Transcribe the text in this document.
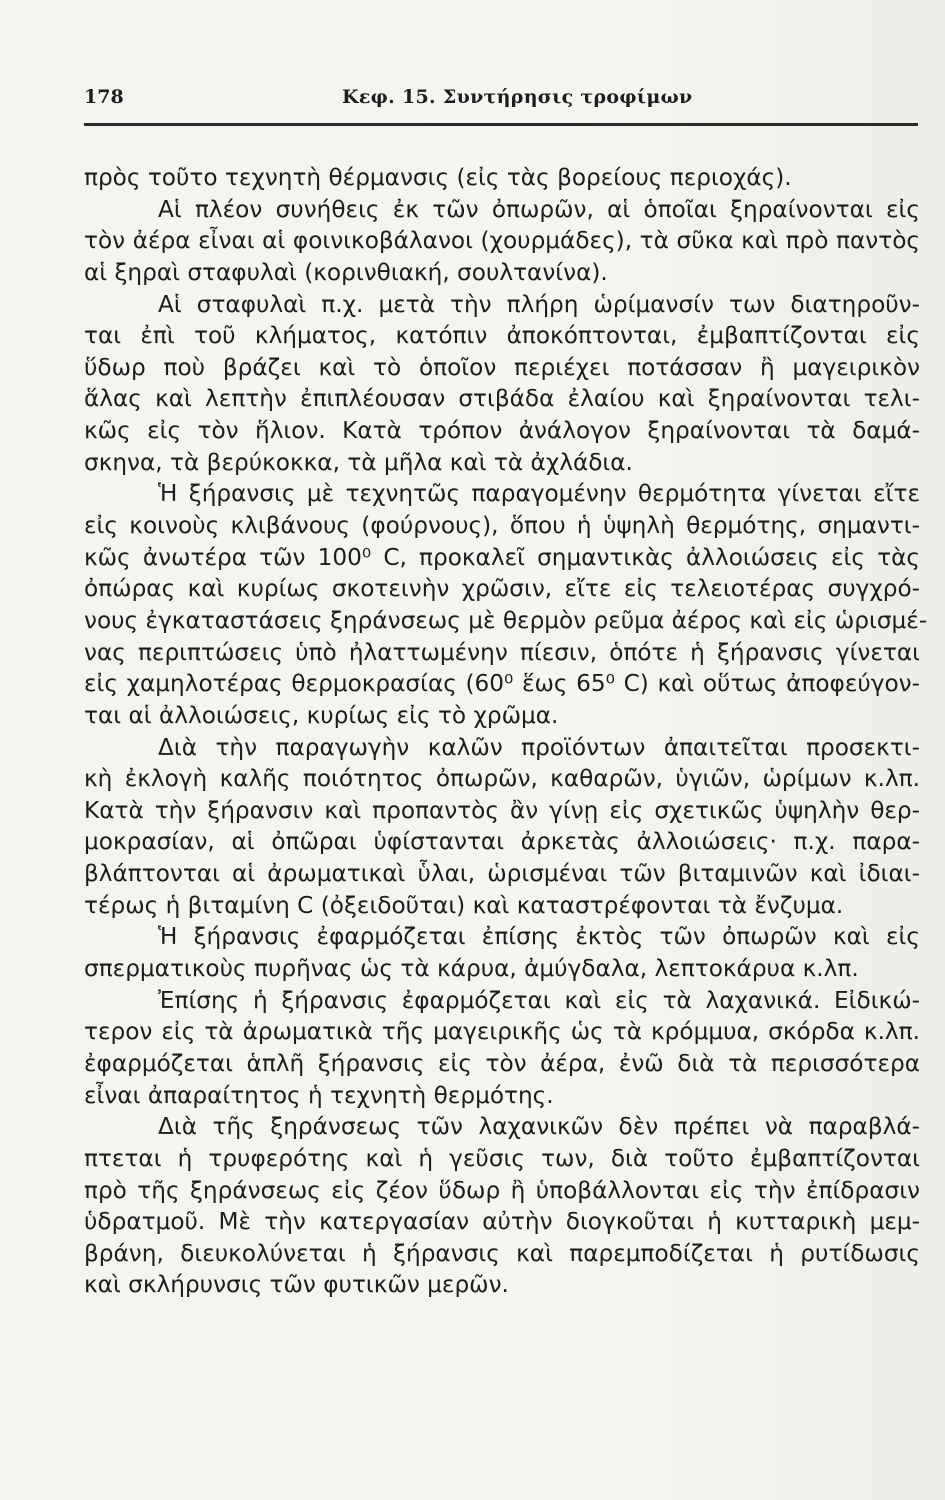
178	Κεφ. 15. Συντήρησις τροφίμων
πρὸς τοῦτο τεχνητὴ θέρμανσις (εἰς τὰς βορείους περιοχάς).
Αἱ πλέον συνήθεις ἐκ τῶν ὀπωρῶν, αἱ ὁποῖαι ξηραίνονται εἰς
τὸν ἀέρα εἶναι αἱ φοινικοβάλανοι (χουρμάδες), τὰ σῦκα καὶ πρὸ παντὸς
αἱ ξηραὶ σταφυλαὶ (κορινθιακή, σουλτανίνα).
Αἱ σταφυλαὶ π.χ. μετὰ τὴν πλήρη ὡρίμανσίν των διατηροῦν-
ται ἐπὶ τοῦ κλήματος, κατόπιν ἀποκόπτονται, ἐμβαπτίζονται εἰς
ὕδωρ ποὺ βράζει καὶ τὸ ὁποῖον περιέχει ποτάσσαν ἢ μαγειρικὸν
ἅλας καὶ λεπτὴν ἐπιπλέουσαν στιβάδα ἐλαίου καὶ ξηραίνονται τελι-
κῶς εἰς τὸν ἥλιον. Κατὰ τρόπον ἀνάλογον ξηραίνονται τὰ δαμά-
σκηνα, τὰ βερύκοκκα, τὰ μῆλα καὶ τὰ ἀχλάδια.
Ἡ ξήρανσις μὲ τεχνητῶς παραγομένην θερμότητα γίνεται εἴτε
εἰς κοινοὺς κλιβάνους (φούρνους), ὅπου ἡ ὑψηλὴ θερμότης, σημαντι-
κῶς ἀνωτέρα τῶν 100⁰ C, προκαλεῖ σημαντικὰς ἀλλοιώσεις εἰς τὰς
ὀπώρας καὶ κυρίως σκοτεινὴν χρῶσιν, εἴτε εἰς τελειοτέρας συγχρό-
νους ἐγκαταστάσεις ξηράνσεως μὲ θερμὸν ρεῦμα ἀέρος καὶ εἰς ὡρισμέ-
νας περιπτώσεις ὑπὸ ἠλαττωμένην πίεσιν, ὁπότε ἡ ξήρανσις γίνεται
εἰς χαμηλοτέρας θερμοκρασίας (60⁰ ἕως 65⁰ C) καὶ οὕτως ἀποφεύγον-
ται αἱ ἀλλοιώσεις, κυρίως εἰς τὸ χρῶμα.
Διὰ τὴν παραγωγὴν καλῶν προϊόντων ἀπαιτεῖται προσεκτι-
κὴ ἐκλογὴ καλῆς ποιότητος ὀπωρῶν, καθαρῶν, ὑγιῶν, ὡρίμων κ.λπ.
Κατὰ τὴν ξήρανσιν καὶ προπαντὸς ἂν γίνῃ εἰς σχετικῶς ὑψηλὴν θερ-
μοκρασίαν, αἱ ὀπῶραι ὑφίστανται ἀρκετὰς ἀλλοιώσεις· π.χ. παρα-
βλάπτονται αἱ ἀρωματικαὶ ὗλαι, ὡρισμέναι τῶν βιταμινῶν καὶ ἰδιαι-
τέρως ἡ βιταμίνη C (ὀξειδοῦται) καὶ καταστρέφονται τὰ ἔνζυμα.
Ἡ ξήρανσις ἐφαρμόζεται ἐπίσης ἐκτὸς τῶν ὀπωρῶν καὶ εἰς
σπερματικοὺς πυρῆνας ὡς τὰ κάρυα, ἀμύγδαλα, λεπτοκάρυα κ.λπ.
Ἐπίσης ἡ ξήρανσις ἐφαρμόζεται καὶ εἰς τὰ λαχανικά. Εἰδικώ-
τερον εἰς τὰ ἀρωματικὰ τῆς μαγειρικῆς ὡς τὰ κρόμμυα, σκόρδα κ.λπ.
ἐφαρμόζεται ἁπλῆ ξήρανσις εἰς τὸν ἀέρα, ἐνῶ διὰ τὰ περισσότερα
εἶναι ἀπαραίτητος ἡ τεχνητὴ θερμότης.
Διὰ τῆς ξηράνσεως τῶν λαχανικῶν δὲν πρέπει νὰ παραβλά-
πτεται ἡ τρυφερότης καὶ ἡ γεῦσις των, διὰ τοῦτο ἐμβαπτίζονται
πρὸ τῆς ξηράνσεως εἰς ζέον ὕδωρ ἢ ὑποβάλλονται εἰς τὴν ἐπίδρασιν
ὑδρατμοῦ. Μὲ τὴν κατεργασίαν αὐτὴν διογκοῦται ἡ κυτταρικὴ μεμ-
βράνη, διευκολύνεται ἡ ξήρανσις καὶ παρεμποδίζεται ἡ ρυτίδωσις
καὶ σκλήρυνσις τῶν φυτικῶν μερῶν.
